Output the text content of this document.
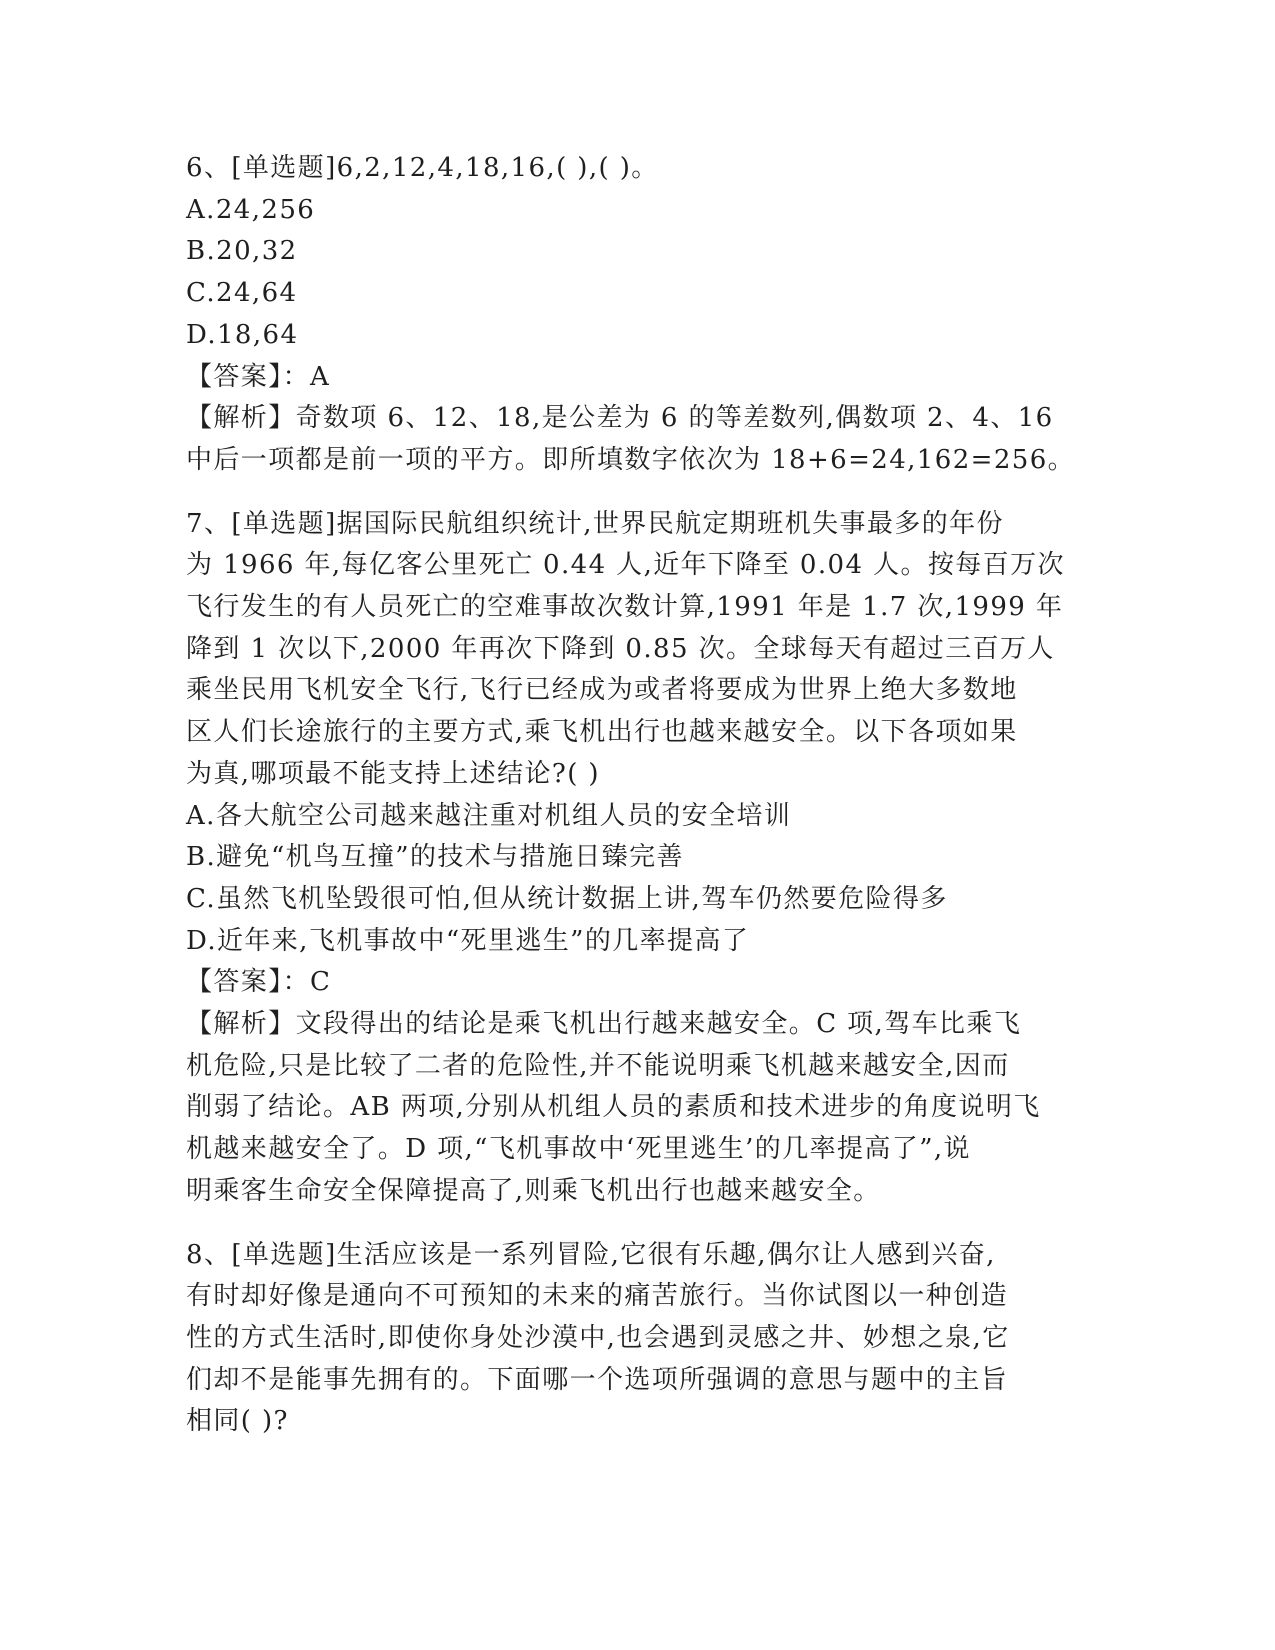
6、[单选题]6,2,12,4,18,16,( ),( )。
A.24,256
B.20,32
C.24,64
D.18,64
【答案】：A
【解析】奇数项 6、12、18,是公差为 6 的等差数列,偶数项 2、4、16
中后一项都是前一项的平方。即所填数字依次为 18+6=24,162=256。
7、[单选题]据国际民航组织统计,世界民航定期班机失事最多的年份
为 1966 年,每亿客公里死亡 0.44 人,近年下降至 0.04 人。按每百万次
飞行发生的有人员死亡的空难事故次数计算,1991 年是 1.7 次,1999 年
降到 1 次以下,2000 年再次下降到 0.85 次。全球每天有超过三百万人
乘坐民用飞机安全飞行,飞行已经成为或者将要成为世界上绝大多数地
区人们长途旅行的主要方式,乘飞机出行也越来越安全。以下各项如果
为真,哪项最不能支持上述结论?( )
A.各大航空公司越来越注重对机组人员的安全培训
B.避免“机鸟互撞”的技术与措施日臻完善
C.虽然飞机坠毁很可怕,但从统计数据上讲,驾车仍然要危险得多
D.近年来,飞机事故中“死里逃生”的几率提高了
【答案】：C
【解析】文段得出的结论是乘飞机出行越来越安全。C 项,驾车比乘飞
机危险,只是比较了二者的危险性,并不能说明乘飞机越来越安全,因而
削弱了结论。AB 两项,分别从机组人员的素质和技术进步的角度说明飞
机越来越安全了。D 项,“飞机事故中‘死里逃生’的几率提高了”,说
明乘客生命安全保障提高了,则乘飞机出行也越来越安全。
8、[单选题]生活应该是一系列冒险,它很有乐趣,偶尔让人感到兴奋,
有时却好像是通向不可预知的未来的痛苦旅行。当你试图以一种创造
性的方式生活时,即使你身处沙漠中,也会遇到灵感之井、妙想之泉,它
们却不是能事先拥有的。下面哪一个选项所强调的意思与题中的主旨
相同( )?
